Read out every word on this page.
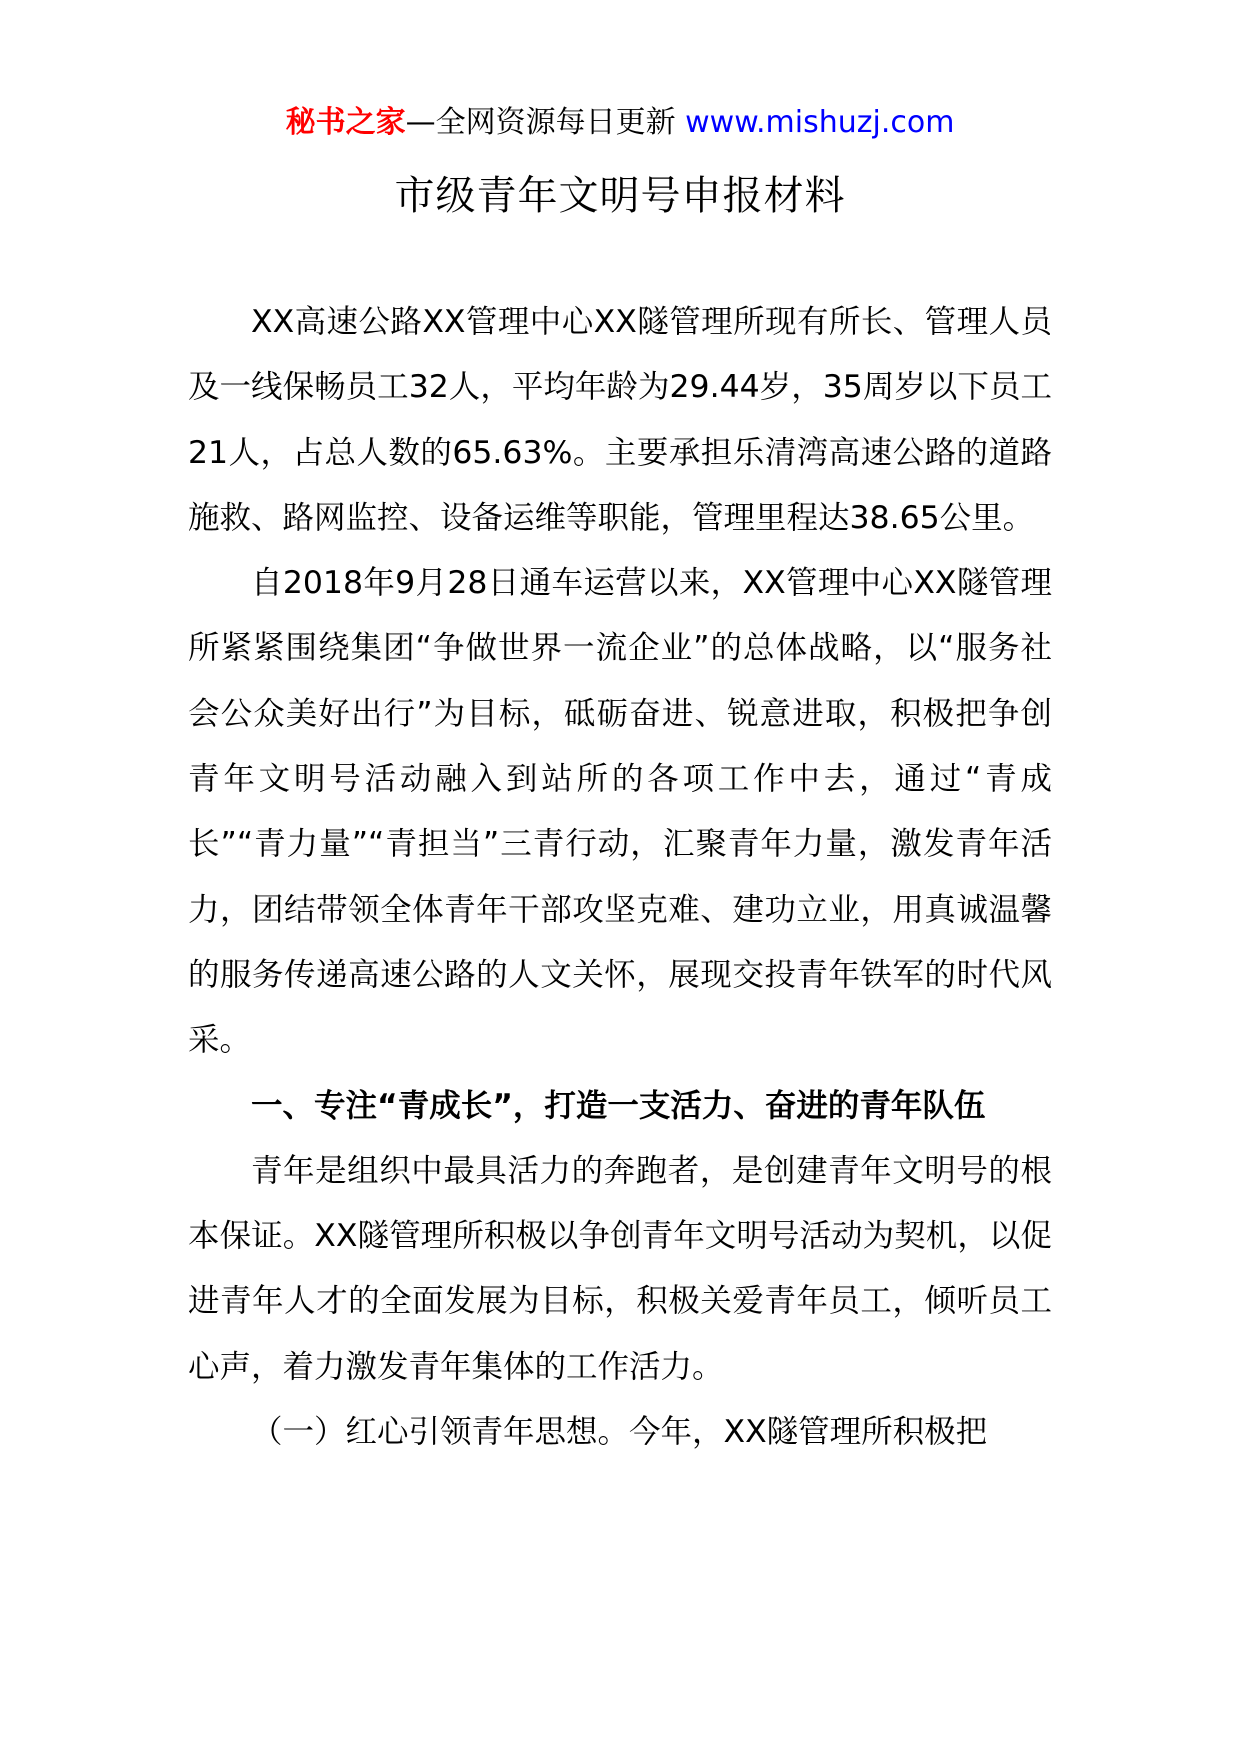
秘书之家—全网资源每日更新 www.mishuzj.com
市级青年文明号申报材料

XX高速公路XX管理中心XX隧管理所现有所长、管理人员及一线保畅员工32人，平均年龄为29.44岁，35周岁以下员工21人，占总人数的65.63%。主要承担乐清湾高速公路的道路施救、路网监控、设备运维等职能，管理里程达38.65公里。

自2018年9月28日通车运营以来，XX管理中心XX隧管理所紧紧围绕集团“争做世界一流企业”的总体战略，以“服务社会公众美好出行”为目标，砥砺奋进、锐意进取，积极把争创青年文明号活动融入到站所的各项工作中去，通过“青成长”“青力量”“青担当”三青行动，汇聚青年力量，激发青年活力，团结带领全体青年干部攻坚克难、建功立业，用真诚温馨的服务传递高速公路的人文关怀，展现交投青年铁军的时代风采。

一、专注“青成长”，打造一支活力、奋进的青年队伍

青年是组织中最具活力的奔跑者，是创建青年文明号的根本保证。XX隧管理所积极以争创青年文明号活动为契机，以促进青年人才的全面发展为目标，积极关爱青年员工，倾听员工心声，着力激发青年集体的工作活力。

（一）红心引领青年思想。今年，XX隧管理所积极把
